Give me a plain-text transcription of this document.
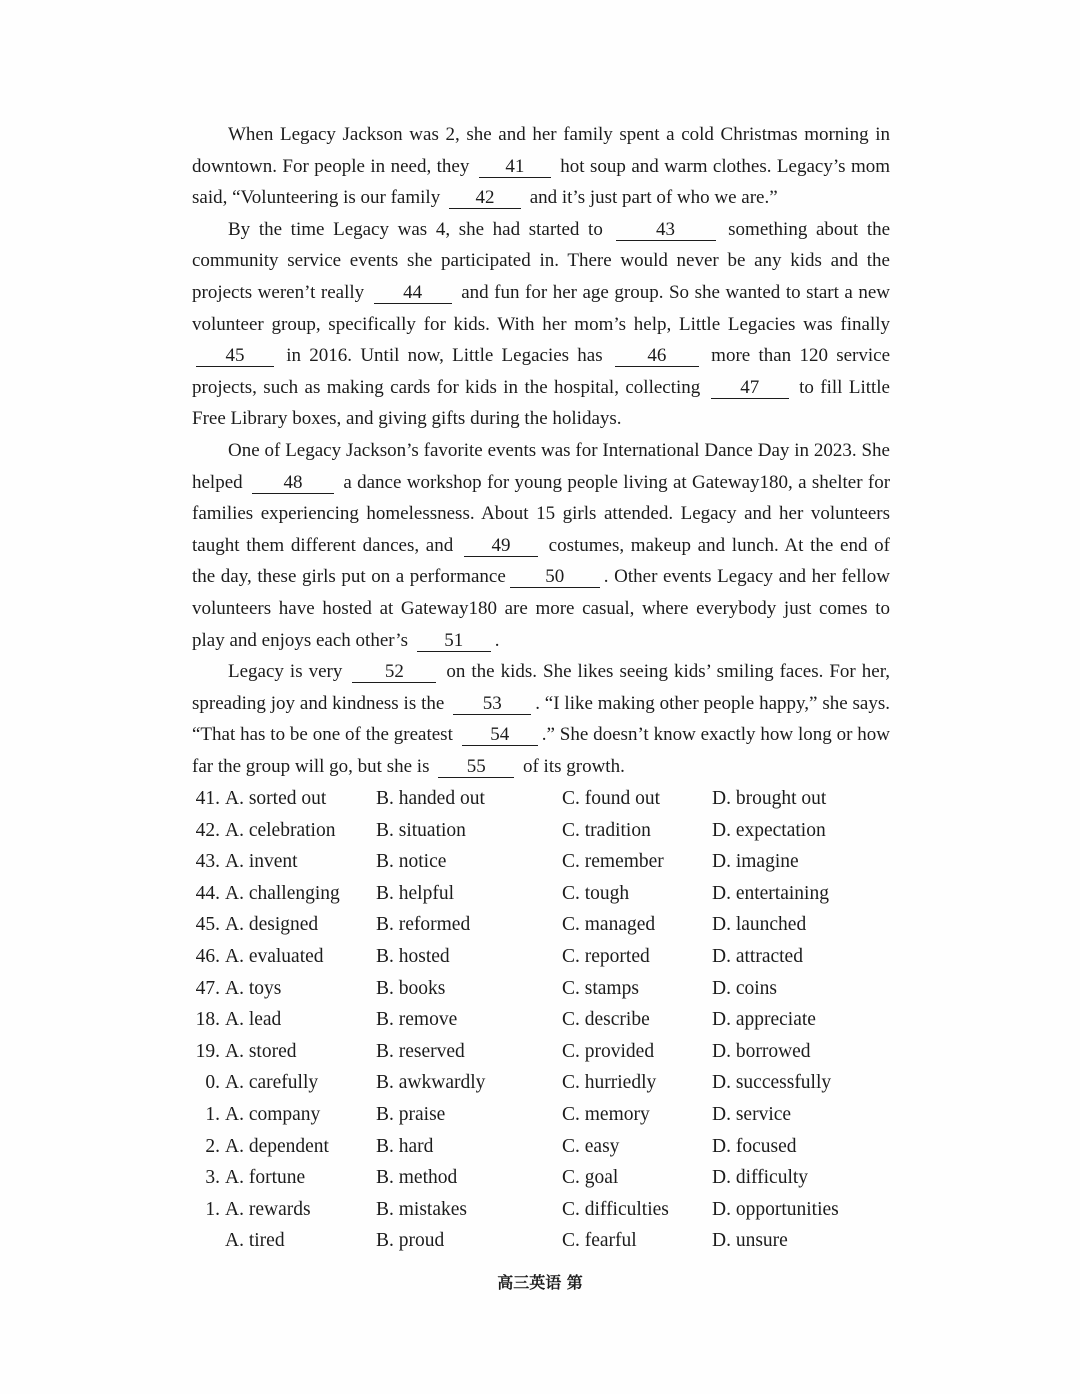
When Legacy Jackson was 2, she and her family spent a cold Christmas morning in downtown. For people in need, they 41 hot soup and warm clothes. Legacy’s mom said, “Volunteering is our family 42 and it’s just part of who we are.”

By the time Legacy was 4, she had started to	43	something about the community service events she participated in. There would never be any kids and the projects weren’t really 44 and fun for her age group. So she wanted to start a new volunteer group, specifically for kids. With her mom’s help, Little Legacies was finally 45 in 2016. Until now, Little Legacies has 46 more than 120 service projects, such as making cards for kids in the hospital, collecting 47 to fill Little Free Library boxes, and giving gifts during the holidays.

One of Legacy Jackson’s favorite events was for International Dance Day in 2023. She helped 48 a dance workshop for young people living at Gateway180, a shelter for families experiencing homelessness. About 15 girls attended. Legacy and her volunteers taught them different dances, and 49 costumes, makeup and lunch. At the end of the day, these girls put on a performance 50 . Other events Legacy and her fellow volunteers have hosted at Gateway180 are more casual, where everybody just comes to play and enjoys each other’s 51 .

Legacy is very 52 on the kids. She likes seeing kids’ smiling faces. For her, spreading joy and kindness is the 53 . “I like making other people happy,” she says. “That has to be one of the greatest 54 .” She doesn’t know exactly how long or how far the group will go, but she is 55 of its growth.

41. A. sorted out	B. handed out	C. found out	D. brought out
42. A. celebration B. situation	C. tradition	D. expectation
43. A. invent	B. notice	C. remember D. imagine
44. A. challenging B. helpful	C. tough	D. entertaining
45. A. designed	B. reformed	C. managed	D. launched
46. A. evaluated	B. hosted	C. reported	D. attracted
47. A. toys	B. books	C. stamps	D. coins
18. A. lead	B. remove	C. describe	D. appreciate
19. A. stored	B. reserved	C. provided	D. borrowed
0. A. carefully	B. awkwardly	C. hurriedly	D. successfully
1. A. company	B. praise	C. memory	D. service
2. A. dependent B. hard	C. easy	D. focused
3. A. fortune	B. method	C. goal	D. difficulty
1. A. rewards	B. mistakes	C. difficulties D. opportunities
A. tired	B. proud	C. fearful	D. unsure
高三英语 第
